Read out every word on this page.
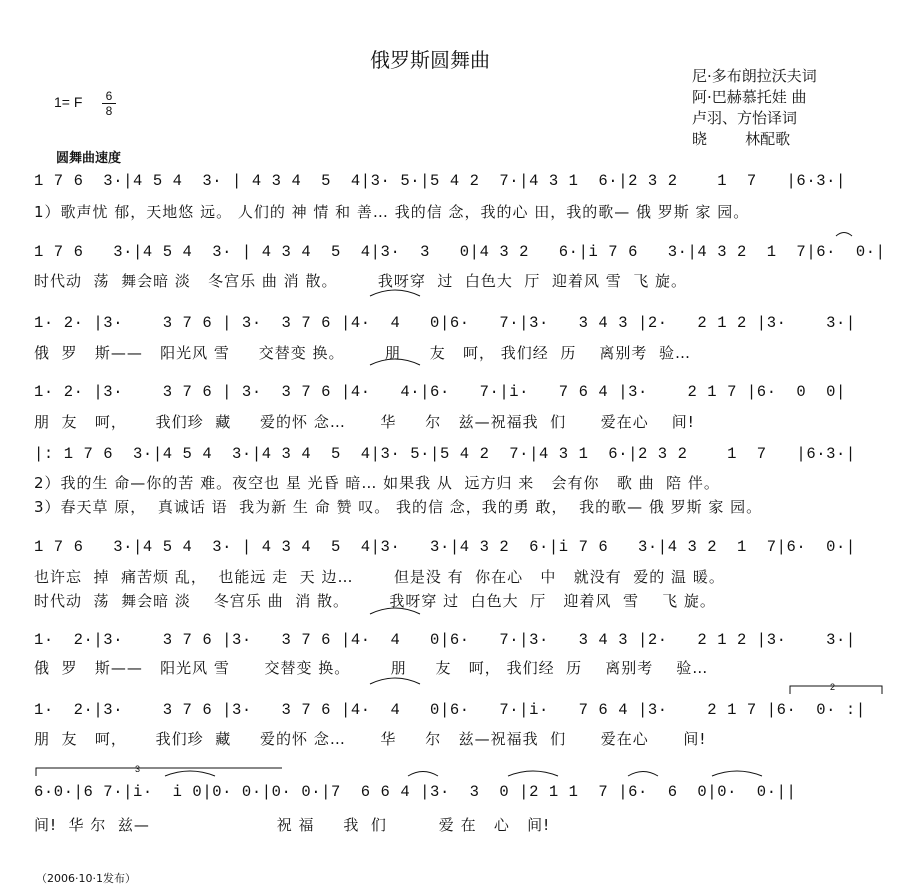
俄罗斯圆舞曲
1= F	6
8
尼·多布朗拉沃夫词
阿·巴赫慕托娃 曲
卢羽、方怡译词
晓        林配歌
圆舞曲速度
1 7 6  3·|4 5 4  3· | 4 3 4  5  4|3· 5·|5 4 2  7·|4 3 1  6·|2 3 2    1  7   |6·3·|
1）歌声忧 郁，天地悠 远。 人们的 神 情 和 善… 我的信 念，我的心 田，我的歌— 俄 罗斯 家 园。
1 7 6   3·|4 5 4  3· | 4 3 4  5  4|3·  3   0|4 3 2   6·|i 7 6   3·|4 3 2  1  7|6·  0·|
时代动  荡  舞会暗 淡   冬宫乐 曲 消 散。       我呀穿  过  白色大  厅  迎着风 雪  飞 旋。
1· 2· |3·    3 7 6 | 3·  3 7 6 |4·  4   0|6·   7·|3·   3 4 3 |2·   2 1 2 |3·    3·|
俄  罗   斯——   阳光风 雪     交替变 换。       朋     友   呵， 我们经  历    离别考  验…
1· 2· |3·    3 7 6 | 3·  3 7 6 |4·   4·|6·   7·|i·   7 6 4 |3·    2 1 7 |6·  0  0|
朋  友   呵，     我们珍  藏     爱的怀 念…      华     尔   兹—祝福我  们      爱在心    间!
|: 1 7 6  3·|4 5 4  3·|4 3 4  5  4|3· 5·|5 4 2  7·|4 3 1  6·|2 3 2    1  7   |6·3·|
2）我的生 命—你的苦 难。夜空也 星 光昏 暗… 如果我 从  远方归 来   会有你   歌 曲  陪 伴。
3）春天草 原，  真诚话 语  我为新 生 命 赞 叹。 我的信 念，我的勇 敢，  我的歌— 俄 罗斯 家 园。
1 7 6   3·|4 5 4  3· | 4 3 4  5  4|3·   3·|4 3 2  6·|i 7 6   3·|4 3 2  1  7|6·  0·|
也许忘  掉  痛苦烦 乱，  也能远 走  天 边…       但是没 有  你在心   中   就没有  爱的 温 暖。
时代动  荡  舞会暗 淡    冬宫乐 曲  消 散。       我呀穿 过  白色大  厅   迎着风  雪    飞 旋。
1·  2·|3·    3 7 6 |3·   3 7 6 |4·  4   0|6·   7·|3·   3 4 3 |2·   2 1 2 |3·    3·|
俄  罗   斯——   阳光风 雪      交替变 换。       朋     友   呵， 我们经  历    离别考    验…
1·  2·|3·    3 7 6 |3·   3 7 6 |4·  4   0|6·   7·|i·   7 6 4 |3·    2 1 7 |6·  0· :|
朋  友   呵，     我们珍  藏     爱的怀 念…      华     尔   兹—祝福我  们      爱在心      间!
6·0·|6 7·|i·  i 0|0· 0·|0· 0·|7  6 6 4 |3·  3  0 |2 1 1  7 |6·  6  0|0·  0·||
间!  华 尔  兹—                      祝 福     我  们         爱 在   心   间!
（2006·10·1发布）
2
3
